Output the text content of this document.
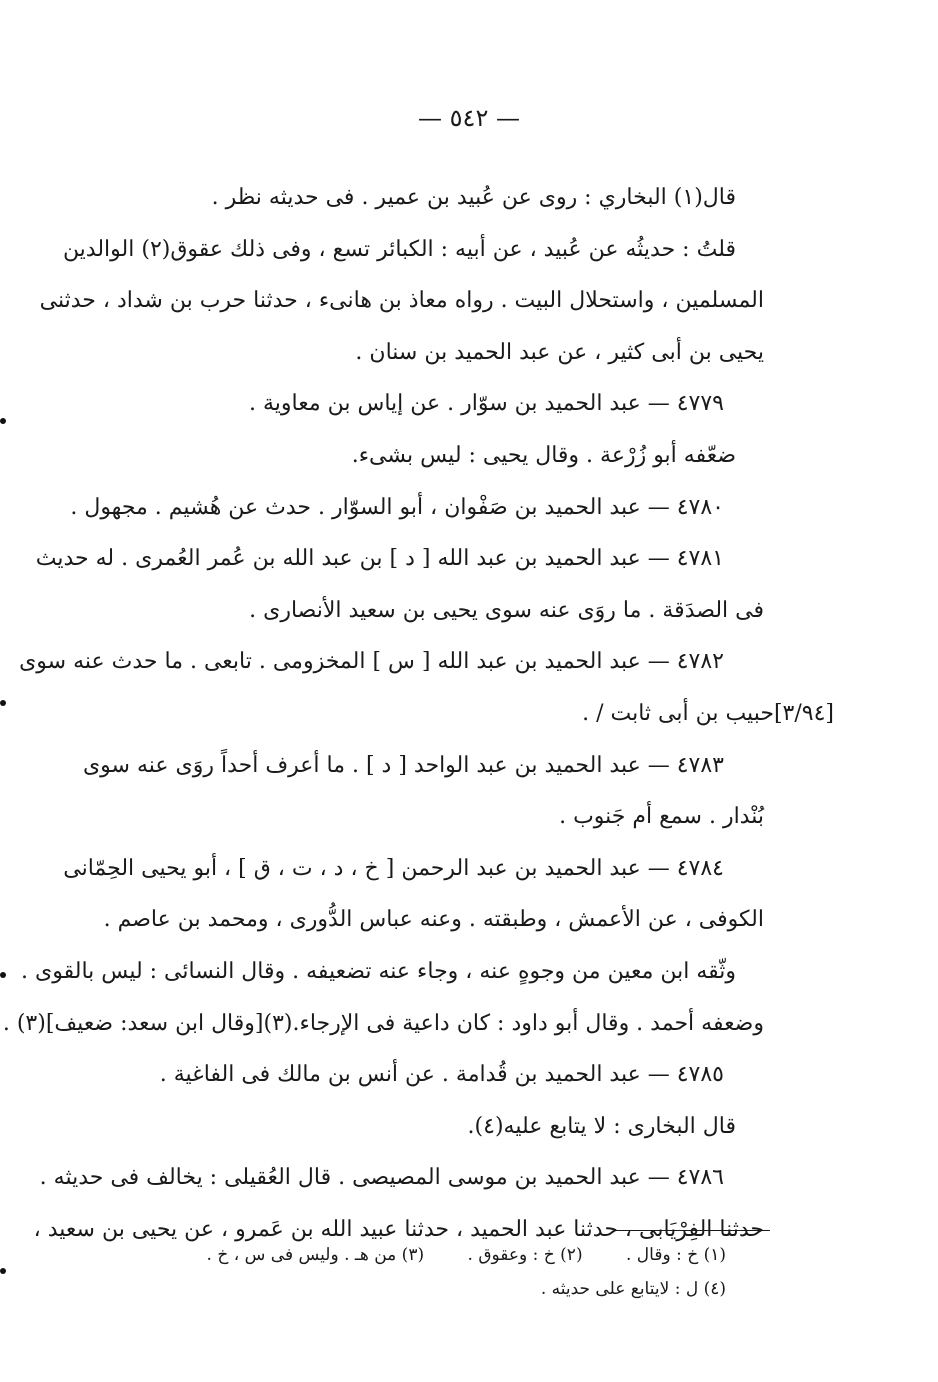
— ٥٤٢ —
قال(١) البخاري : روى عن عُبيد بن عمير . فى حديثه نظر .
قلتُ : حديثُه عن عُبيد ، عن أبيه : الكبائر تسع ، وفى ذلك عقوق(٢) الوالدين
المسلمين ، واستحلال البيت . رواه معاذ بن هانىء ، حدثنا حرب بن شداد ، حدثنى
يحيى بن أبى كثير ، عن عبد الحميد بن سنان .
٤٧٧٩ — عبد الحميد بن سوّار . عن إياس بن معاوية .
ضعّفه أبو زُرْعة . وقال يحيى : ليس بشىء.
٤٧٨٠ — عبد الحميد بن صَفْوان ، أبو السوّار . حدث عن هُشيم . مجهول .
٤٧٨١ — عبد الحميد بن عبد الله [ د ] بن عبد الله بن عُمر العُمرى . له حديث
فى الصدَقة . ما روَى عنه سوى يحيى بن سعيد الأنصارى .
٤٧٨٢ — عبد الحميد بن عبد الله [ س ] المخزومى . تابعى . ما حدث عنه سوى
[٣/٩٤]حبيب بن أبى ثابت / .
٤٧٨٣ — عبد الحميد بن عبد الواحد [ د ] . ما أعرف أحداً روَى عنه سوى
بُنْدار . سمع أم جَنوب .
٤٧٨٤ — عبد الحميد بن عبد الرحمن [ خ ، د ، ت ، ق ] ، أبو يحيى الحِمّانى
الكوفى ، عن الأعمش ، وطبقته . وعنه عباس الدُّورى ، ومحمد بن عاصم .
وثّقه ابن معين من وجوهٍ عنه ، وجاء عنه تضعيفه . وقال النسائى : ليس بالقوى .
وضعفه أحمد . وقال أبو داود : كان داعية فى الإرجاء.(٣)[وقال ابن سعد: ضعيف](٣) .
٤٧٨٥ — عبد الحميد بن قُدامة . عن أنس بن مالك فى الفاغية .
قال البخارى : لا يتابع عليه(٤).
٤٧٨٦ — عبد الحميد بن موسى المصيصى . قال العُقيلى : يخالف فى حديثه .
حدثنا الفِرْيَابى ، حدثنا عبد الحميد ، حدثنا عبيد الله بن عَمرو ، عن يحيى بن سعيد ،
(١) خ : وقال . (٢) خ : وعقوق . (٣) من هـ . وليس فى س ، خ .
(٤) ل : لايتابع على حديثه .
